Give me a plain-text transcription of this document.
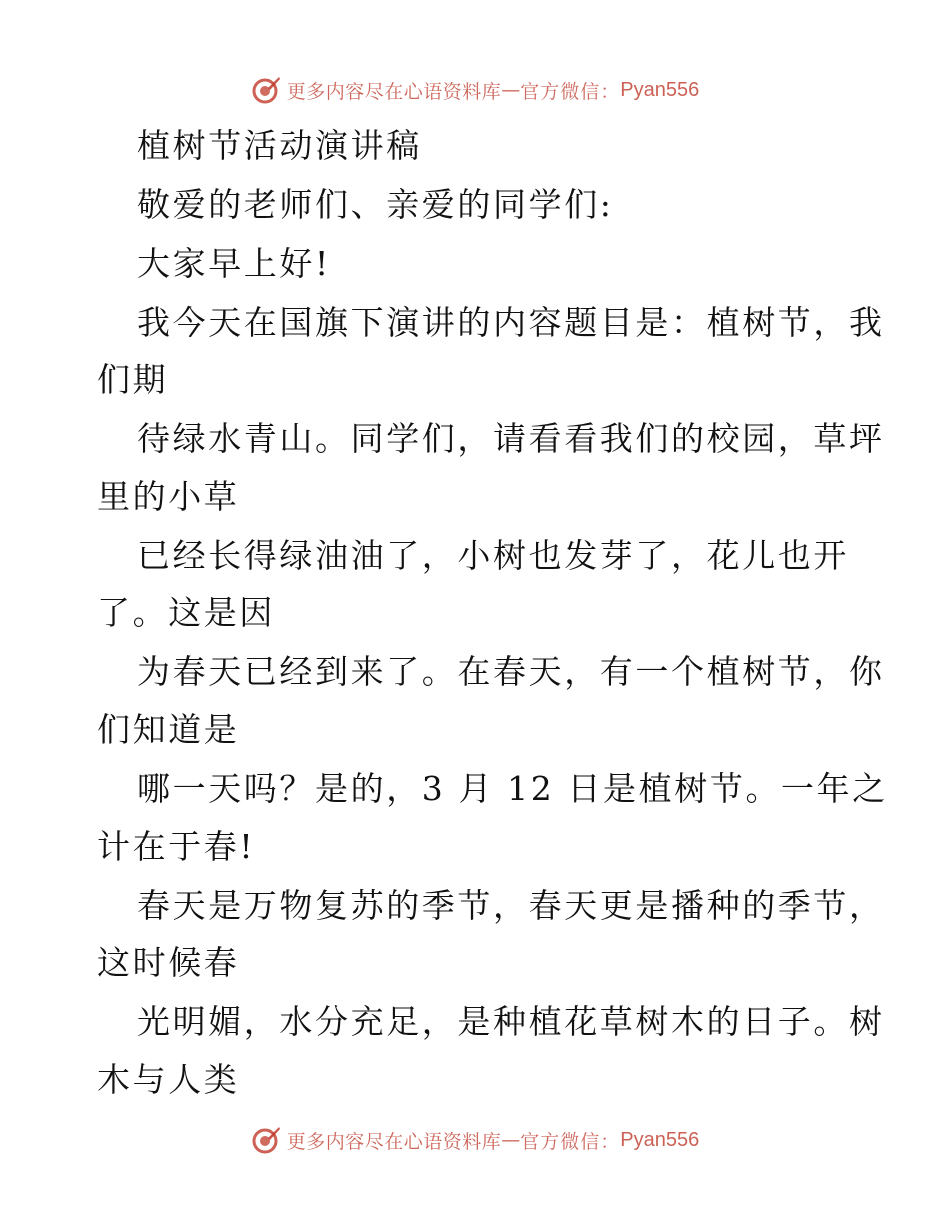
更多内容尽在心语资料库 — 官方微信： Pyan556
植树节活动演讲稿
敬爱的老师们、亲爱的同学们:
大家早上好!
我今天在国旗下演讲的内容题目是：植树节，我
们期
待绿水青山。同学们，请看看我们的校园，草坪
里的小草
已经长得绿油油了，小树也发芽了，花儿也开
了。这是因
为春天已经到来了。在春天，有一个植树节，你
们知道是
哪一天吗？是的，3 月 12 日是植树节。一年之
计在于春!
春天是万物复苏的季节，春天更是播种的季节，
这时候春
光明媚，水分充足，是种植花草树木的日子。树
木与人类
更多内容尽在心语资料库 — 官方微信： Pyan556
